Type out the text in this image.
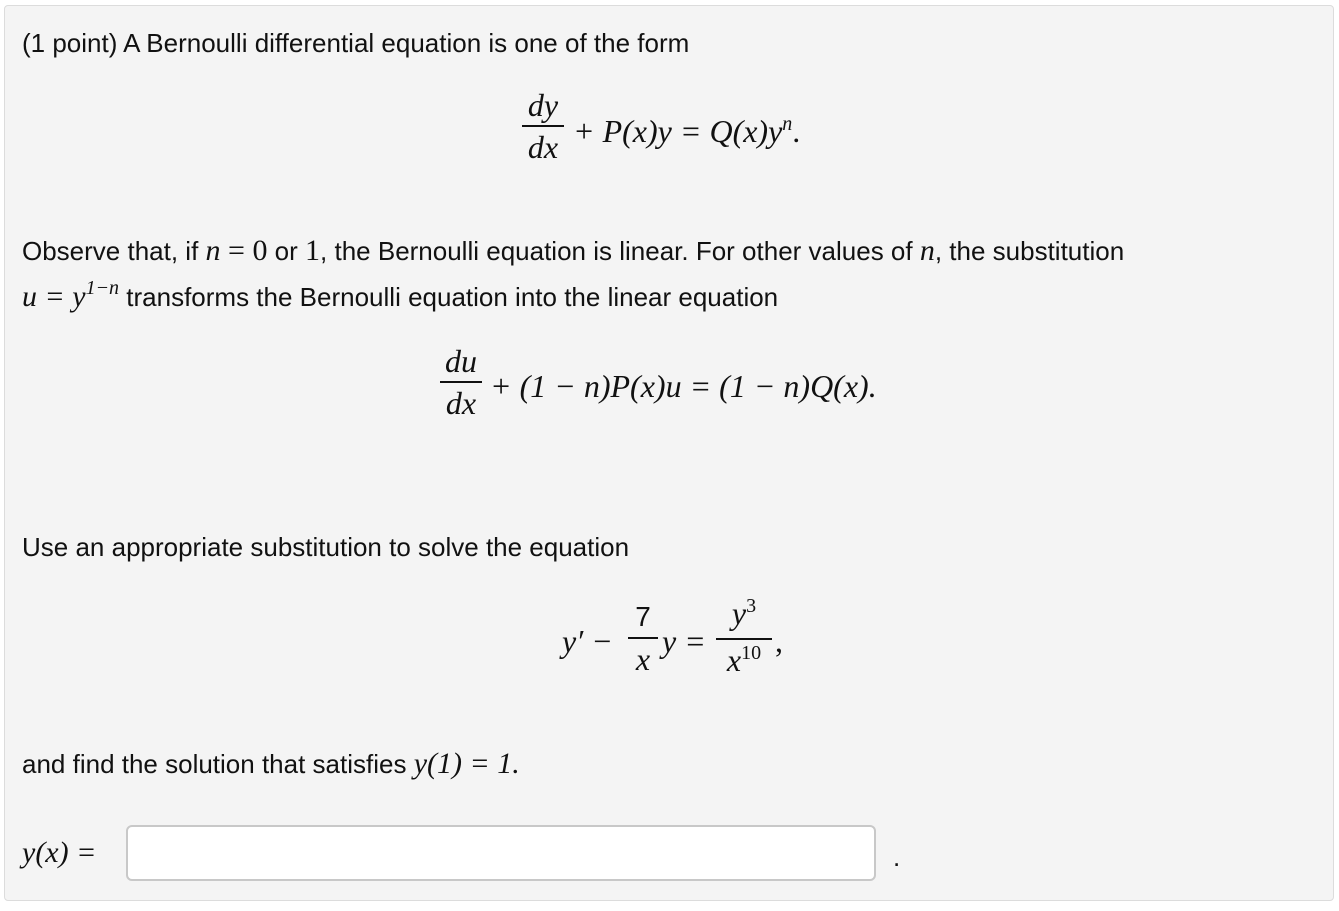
(1 point) A Bernoulli differential equation is one of the form
dy
dx + $P(x)y = Q(x)y^n$.
Observe that, if n = 0 or 1, the Bernoulli equation is linear. For other values of n, the substitution
$u = y^{1-n}$ transforms the Bernoulli equation into the linear equation
du
dx + (1 − n)P(x)u = (1 − n)Q(x).
Use an appropriate substitution to solve the equation
y′ −
7
x y =
$y^3$
$x^{10}$ ,
and find the solution that satisfies y(1) = 1.
y(x) =	.
